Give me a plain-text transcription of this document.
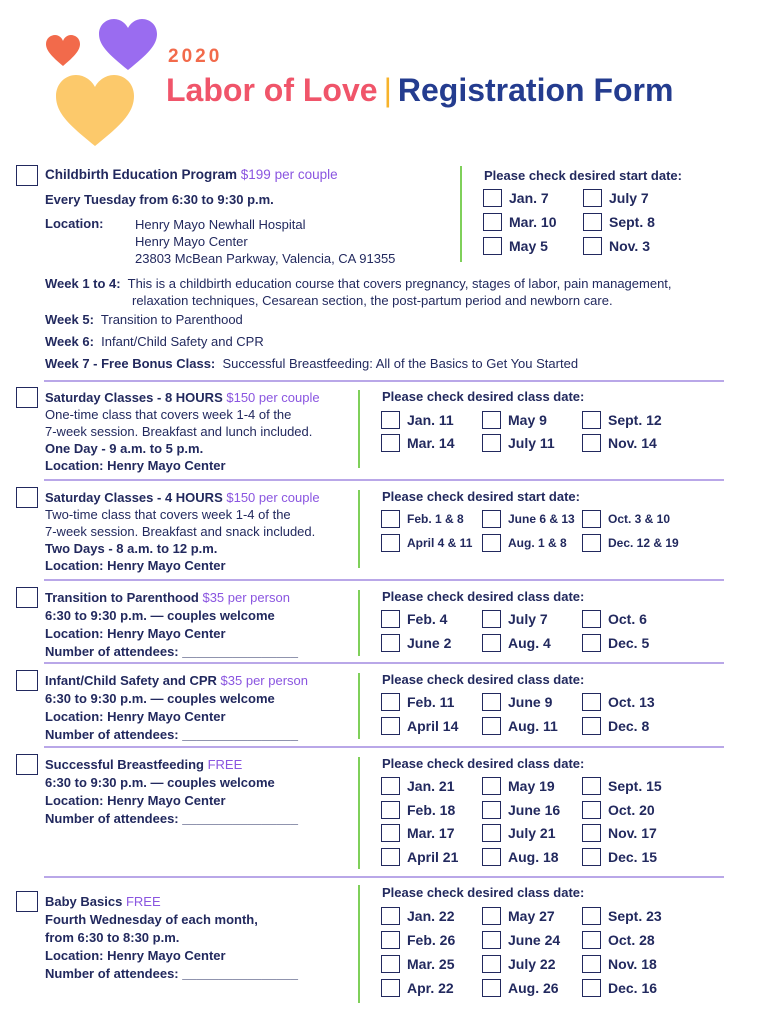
2020
Labor of Love | Registration Form
Childbirth Education Program $199 per couple
Every Tuesday from 6:30 to 9:30 p.m.
Location: Henry Mayo Newhall Hospital
Henry Mayo Center
23803 McBean Parkway, Valencia, CA 91355
Please check desired start date:
Jan. 7	July 7
Mar. 10	Sept. 8
May 5	Nov. 3
Week 1 to 4: This is a childbirth education course that covers pregnancy, stages of labor, pain management,
relaxation techniques, Cesarean section, the post-partum period and newborn care.
Week 5: Transition to Parenthood
Week 6: Infant/Child Safety and CPR
Week 7 - Free Bonus Class: Successful Breastfeeding: All of the Basics to Get You Started
Saturday Classes - 8 HOURS $150 per couple
One-time class that covers week 1-4 of the
7-week session. Breakfast and lunch included.
One Day - 9 a.m. to 5 p.m.
Location: Henry Mayo Center
Please check desired class date:
Jan. 11	May 9	Sept. 12
Mar. 14	July 11	Nov. 14
Saturday Classes - 4 HOURS $150 per couple
Two-time class that covers week 1-4 of the
7-week session. Breakfast and snack included.
Two Days - 8 a.m. to 12 p.m.
Location: Henry Mayo Center
Please check desired start date:
Feb. 1 & 8	June 6 & 13	Oct. 3 & 10
April 4 & 11	Aug. 1 & 8	Dec. 12 & 19
Transition to Parenthood $35 per person
6:30 to 9:30 p.m. — couples welcome
Location: Henry Mayo Center
Number of attendees: ________________
Please check desired class date:
Feb. 4	July 7	Oct. 6
June 2	Aug. 4	Dec. 5
Infant/Child Safety and CPR $35 per person
6:30 to 9:30 p.m. — couples welcome
Location: Henry Mayo Center
Number of attendees: ________________
Please check desired class date:
Feb. 11	June 9	Oct. 13
April 14	Aug. 11	Dec. 8
Successful Breastfeeding FREE
6:30 to 9:30 p.m. — couples welcome
Location: Henry Mayo Center
Number of attendees: ________________
Please check desired class date:
Jan. 21	May 19	Sept. 15
Feb. 18	June 16	Oct. 20
Mar. 17	July 21	Nov. 17
April 21	Aug. 18	Dec. 15
Baby Basics FREE
Fourth Wednesday of each month,
from 6:30 to 8:30 p.m.
Location: Henry Mayo Center
Number of attendees: ________________
Please check desired class date:
Jan. 22	May 27	Sept. 23
Feb. 26	June 24	Oct. 28
Mar. 25	July 22	Nov. 18
Apr. 22	Aug. 26	Dec. 16
